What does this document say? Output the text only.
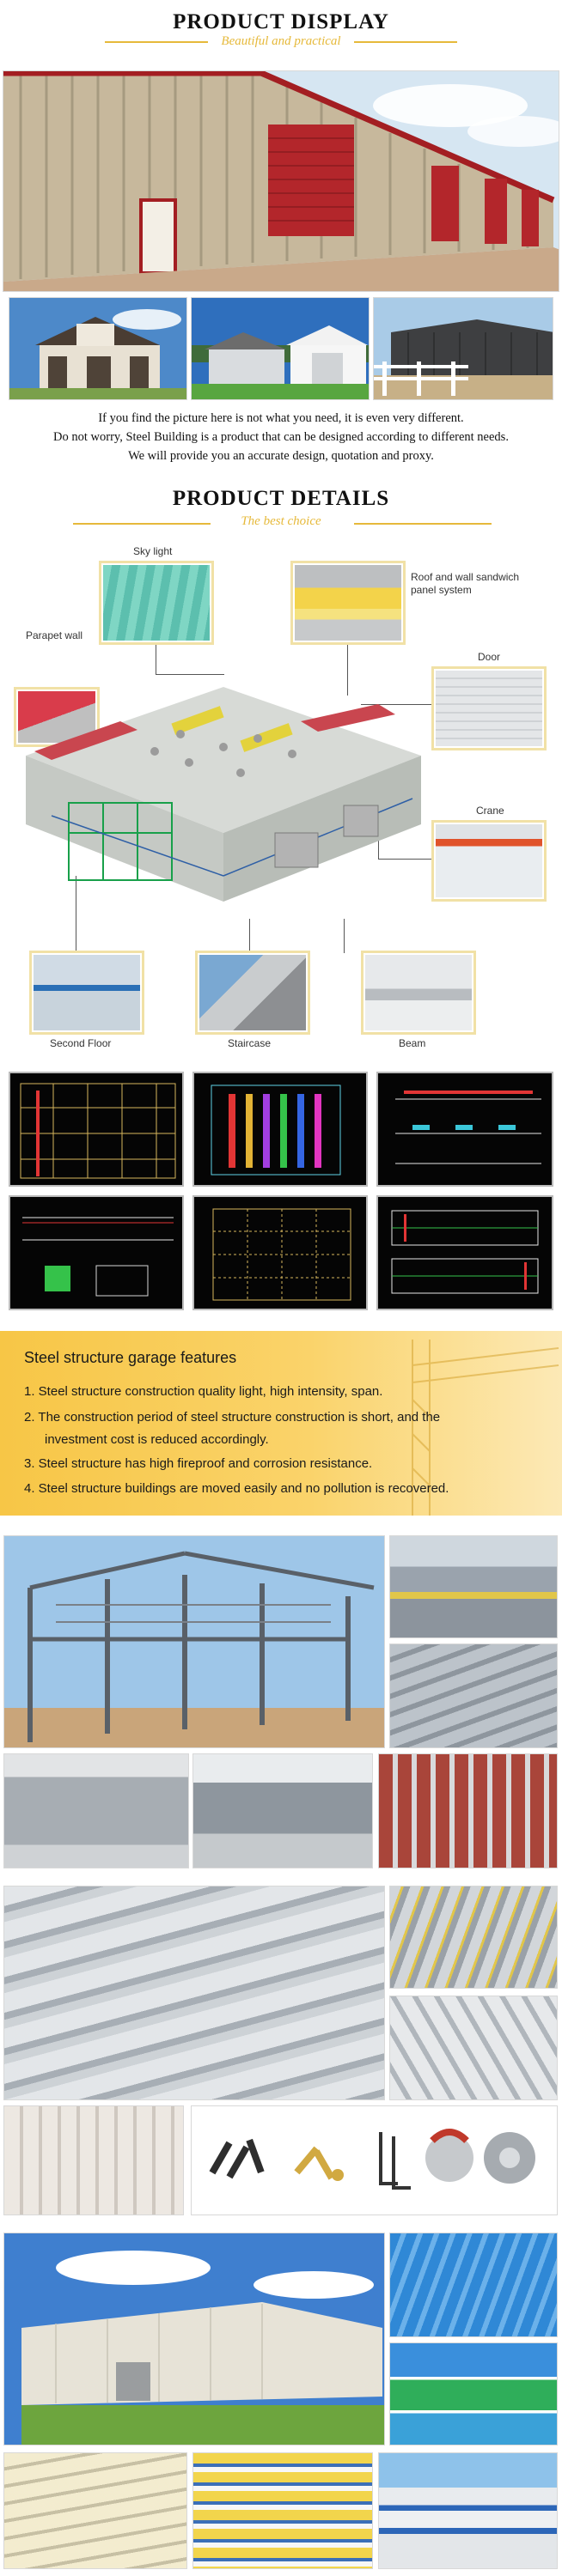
PRODUCT DISPLAY
Beautiful and practical
If you find the picture here is not what you need, it is even very different.
Do not worry, Steel Building is a product that can be designed according to different needs.
We will provide you an accurate design, quotation and proxy.
PRODUCT DETAILS
The best choice
Sky light
Roof and wall sandwich
panel system
Parapet wall
Door
Crane
Second Floor	Staircase	Beam
Steel structure garage features
1. Steel structure construction quality light, high intensity, span.
2. The construction period of steel structure construction is short, and the
investment cost is reduced accordingly.
3. Steel structure has high fireproof and corrosion resistance.
4. Steel structure buildings are moved easily and no pollution is recovered.
